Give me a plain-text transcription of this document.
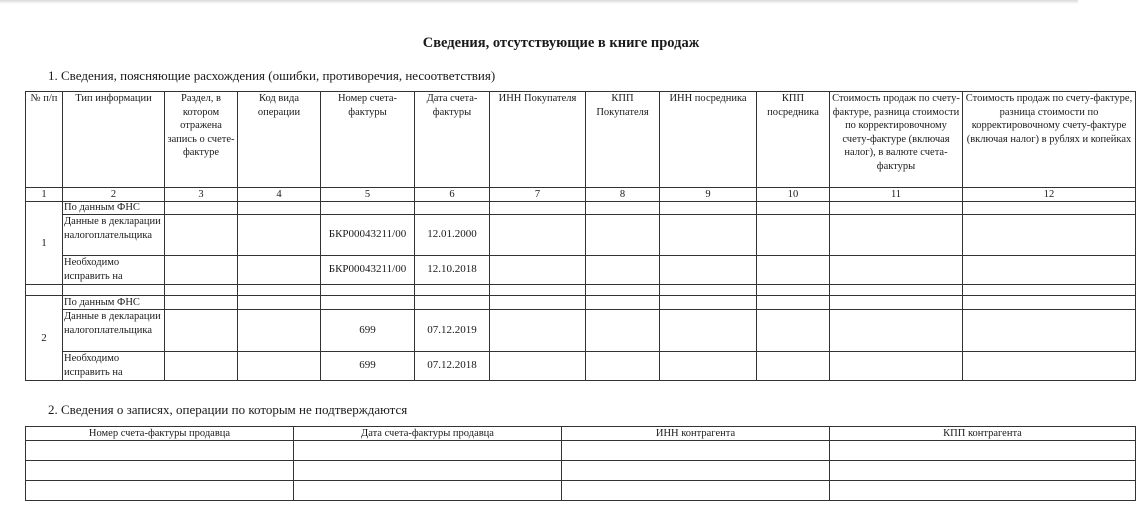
Сведения, отсутствующие в книге продаж
1. Сведения, поясняющие расхождения (ошибки, противоречия, несоответствия)
№ п/п	Тип информации	Раздел, в котором отражена запись о счете-фактуре	Код вида операции	Номер счета-фактуры	Дата счета-фактуры	ИНН Покупателя	КПП Покупателя	ИНН посредника	КПП посредника	Стоимость продаж по счету-фактуре, разница стоимости по корректировочному счету-фактуре (включая налог), в валюте счета-фактуры	Стоимость продаж по счету-фактуре, разница стоимости по корректировочному счету-фактуре (включая налог) в рублях и копейках
1	2	3	4	5	6	7	8	9	10	11	12
1	По данным ФНС										
	Данные в декларации налогоплательщика			БКР00043211/00	12.01.2000						
	Необходимо исправить на			БКР00043211/00	12.10.2018						

2	По данным ФНС										
	Данные в декларации налогоплательщика			699	07.12.2019						
	Необходимо исправить на			699	07.12.2018						
2. Сведения о записях, операции по которым не подтверждаются
Номер счета-фактуры продавца	Дата счета-фактуры продавца	ИНН контрагента	КПП контрагента
